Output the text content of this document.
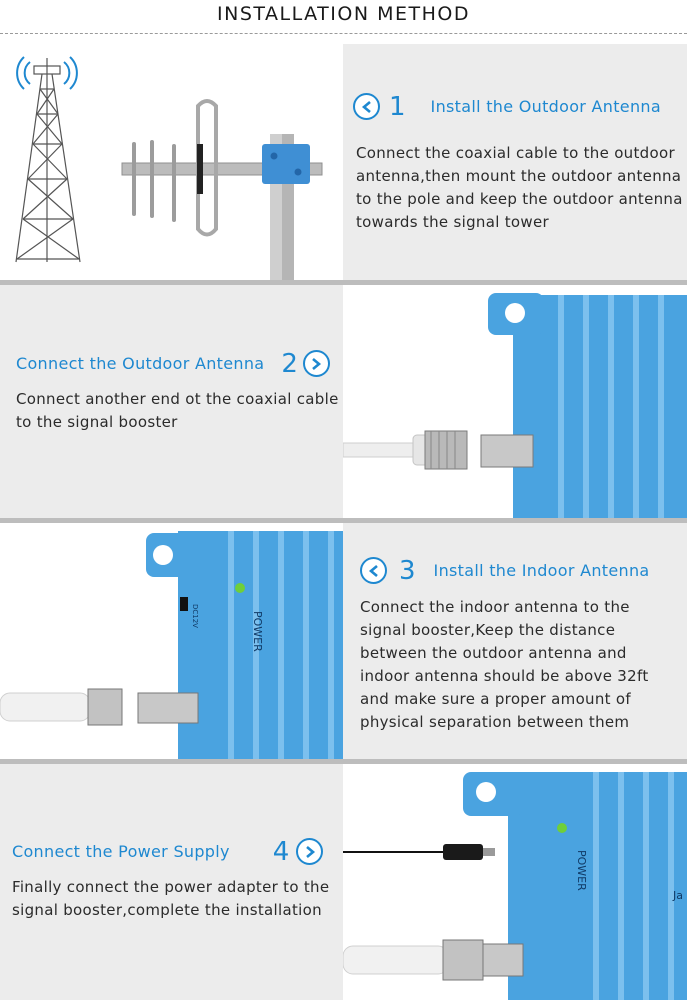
INSTALLATION METHOD
1 Install the Outdoor Antenna
Connect the coaxial cable to the outdoor antenna,then mount the outdoor antenna to the pole and keep the outdoor antenna towards the signal tower
Connect the Outdoor Antenna 2
Connect another end ot the coaxial cable to the signal booster
POWER
DC12V
3 Install the Indoor Antenna
Connect the indoor antenna to the signal booster,Keep the distance between the outdoor antenna and indoor antenna should be above 32ft and make sure a proper amount of physical separation between them
Connect the Power Supply 4
Finally connect the power adapter to the signal booster,complete the installation
POWER
Ja
